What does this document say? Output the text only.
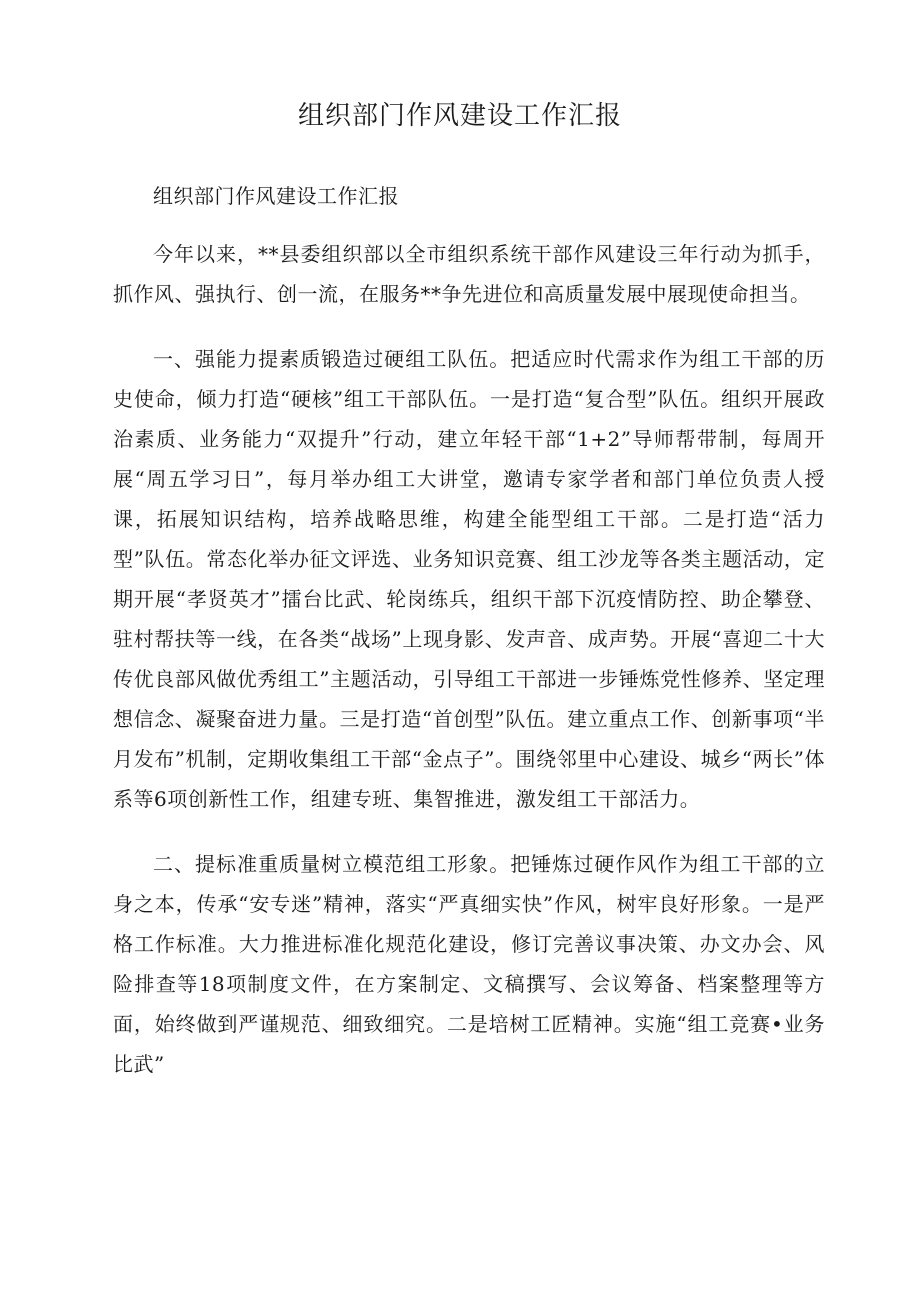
组织部门作风建设工作汇报

组织部门作风建设工作汇报

今年以来，**县委组织部以全市组织系统干部作风建设三年行动为抓手，抓作风、强执行、创一流，在服务**争先进位和高质量发展中展现使命担当。

一、强能力提素质锻造过硬组工队伍。把适应时代需求作为组工干部的历史使命，倾力打造“硬核”组工干部队伍。一是打造“复合型”队伍。组织开展政治素质、业务能力“双提升”行动，建立年轻干部“1+2”导师帮带制，每周开展“周五学习日”，每月举办组工大讲堂，邀请专家学者和部门单位负责人授课，拓展知识结构，培养战略思维，构建全能型组工干部。二是打造“活力型”队伍。常态化举办征文评选、业务知识竞赛、组工沙龙等各类主题活动，定期开展“孝贤英才”擂台比武、轮岗练兵，组织干部下沉疫情防控、助企攀登、驻村帮扶等一线，在各类“战场”上现身影、发声音、成声势。开展“喜迎二十大传优良部风做优秀组工”主题活动，引导组工干部进一步锤炼党性修养、坚定理想信念、凝聚奋进力量。三是打造“首创型”队伍。建立重点工作、创新事项“半月发布”机制，定期收集组工干部“金点子”。围绕邻里中心建设、城乡“两长”体系等6项创新性工作，组建专班、集智推进，激发组工干部活力。

二、提标准重质量树立模范组工形象。把锤炼过硬作风作为组工干部的立身之本，传承“安专迷”精神，落实“严真细实快”作风，树牢良好形象。一是严格工作标准。大力推进标准化规范化建设，修订完善议事决策、办文办会、风险排查等18项制度文件，在方案制定、文稿撰写、会议筹备、档案整理等方面，始终做到严谨规范、细致细究。二是培树工匠精神。实施“组工竞赛•业务比武”
